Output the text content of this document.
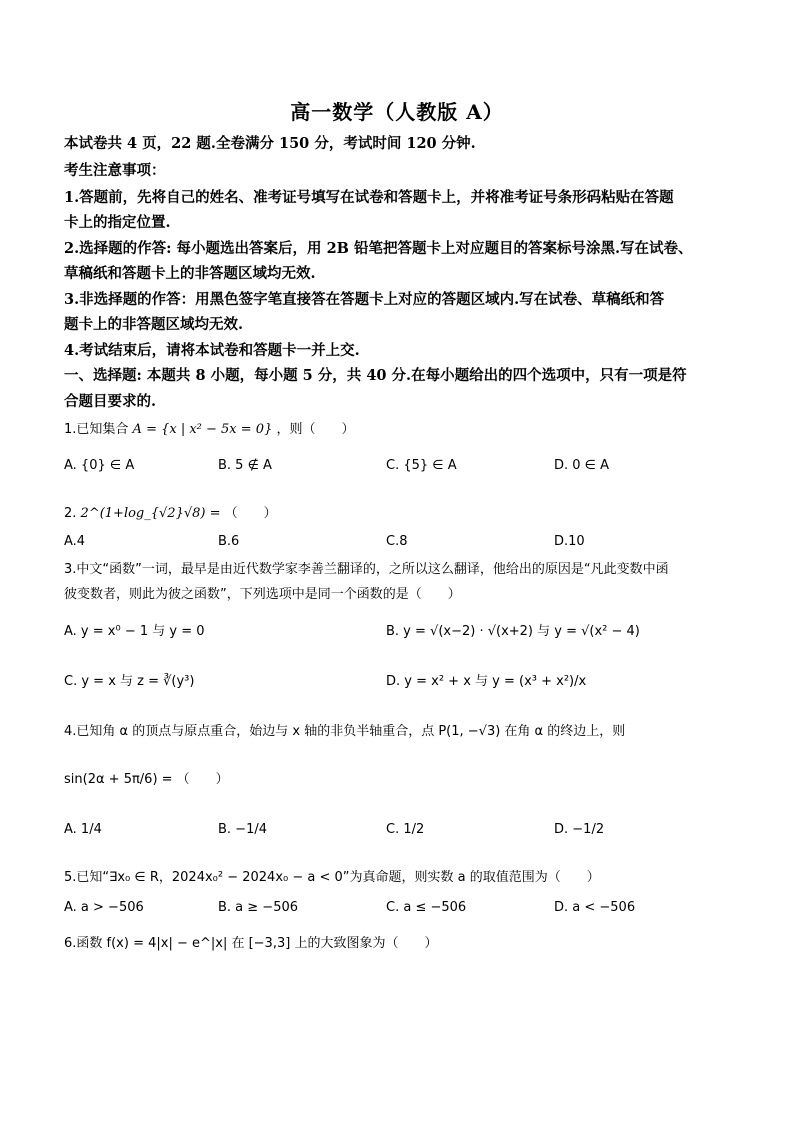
高一数学（人教版 A）
本试卷共 4 页，22 题.全卷满分 150 分，考试时间 120 分钟.
考生注意事项：
1.答题前，先将自己的姓名、准考证号填写在试卷和答题卡上，并将准考证号条形码粘贴在答题
卡上的指定位置.
2.选择题的作答: 每小题选出答案后，用 2B 铅笔把答题卡上对应题目的答案标号涂黑.写在试卷、
草稿纸和答题卡上的非答题区域均无效.
3.非选择题的作答：用黑色签字笔直接答在答题卡上对应的答题区域内.写在试卷、草稿纸和答
题卡上的非答题区域均无效.
4.考试结束后，请将本试卷和答题卡一并上交.
一、选择题: 本题共 8 小题，每小题 5 分，共 40 分.在每小题给出的四个选项中，只有一项是符
合题目要求的.
1.已知集合 A = {x | x² − 5x = 0} ，则（　　）
A. {0} ∈ A	B. 5 ∉ A	C. {5} ∈ A	D. 0 ∈ A
2. 2^(1+log_{√2}√8) = （　　）
A.4	B.6	C.8	D.10
3.中文“函数”一词，最早是由近代数学家李善兰翻译的，之所以这么翻译，他给出的原因是“凡此变数中函
彼变数者，则此为彼之函数”，下列选项中是同一个函数的是（　　）
A. y = x⁰ − 1 与 y = 0	B. y = √(x−2) · √(x+2) 与 y = √(x² − 4)
C. y = x 与 z = ∛(y³)	D. y = x² + x 与 y = (x³ + x²)/x
4.已知角 α 的顶点与原点重合，始边与 x 轴的非负半轴重合，点 P(1, −√3) 在角 α 的终边上，则
sin(2α + 5π/6) = （　　）
A. 1/4	B. −1/4	C. 1/2	D. −1/2
5.已知“∃x₀ ∈ R，2024x₀² − 2024x₀ − a < 0”为真命题，则实数 a 的取值范围为（　　）
A. a > −506	B. a ≥ −506	C. a ≤ −506	D. a < −506
6.函数 f(x) = 4|x| − e^|x| 在 [−3,3] 上的大致图象为（　　）
